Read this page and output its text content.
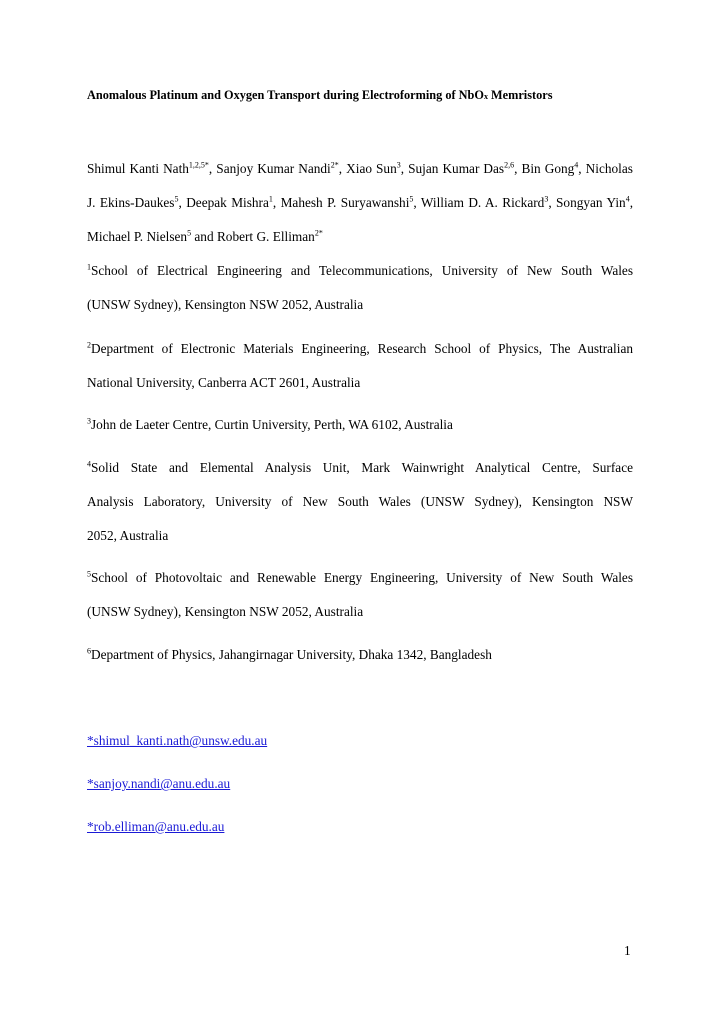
Anomalous Platinum and Oxygen Transport during Electroforming of NbOx Memristors
Shimul Kanti Nath$^{1,2,5*}$, Sanjoy Kumar Nandi$^{2*}$, Xiao Sun$^3$, Sujan Kumar Das$^{2,6}$, Bin Gong$^4$, Nicholas J. Ekins-Daukes$^5$, Deepak Mishra$^1$, Mahesh P. Suryawanshi$^5$, William D. A. Rickard$^3$, Songyan Yin$^4$, Michael P. Nielsen$^5$ and Robert G. Elliman$^{2*}$
$^1$School of Electrical Engineering and Telecommunications, University of New South Wales
(UNSW Sydney), Kensington NSW 2052, Australia
$^2$Department of Electronic Materials Engineering, Research School of Physics, The Australian
National University, Canberra ACT 2601, Australia
$^3$John de Laeter Centre, Curtin University, Perth, WA 6102, Australia
$^4$Solid State and Elemental Analysis Unit, Mark Wainwright Analytical Centre, Surface
Analysis Laboratory, University of New South Wales (UNSW Sydney), Kensington NSW
2052, Australia
$^5$School of Photovoltaic and Renewable Energy Engineering, University of New South Wales
(UNSW Sydney), Kensington NSW 2052, Australia
$^6$Department of Physics, Jahangirnagar University, Dhaka 1342, Bangladesh
*shimul_kanti.nath@unsw.edu.au
*sanjoy.nandi@anu.edu.au
*rob.elliman@anu.edu.au
1
